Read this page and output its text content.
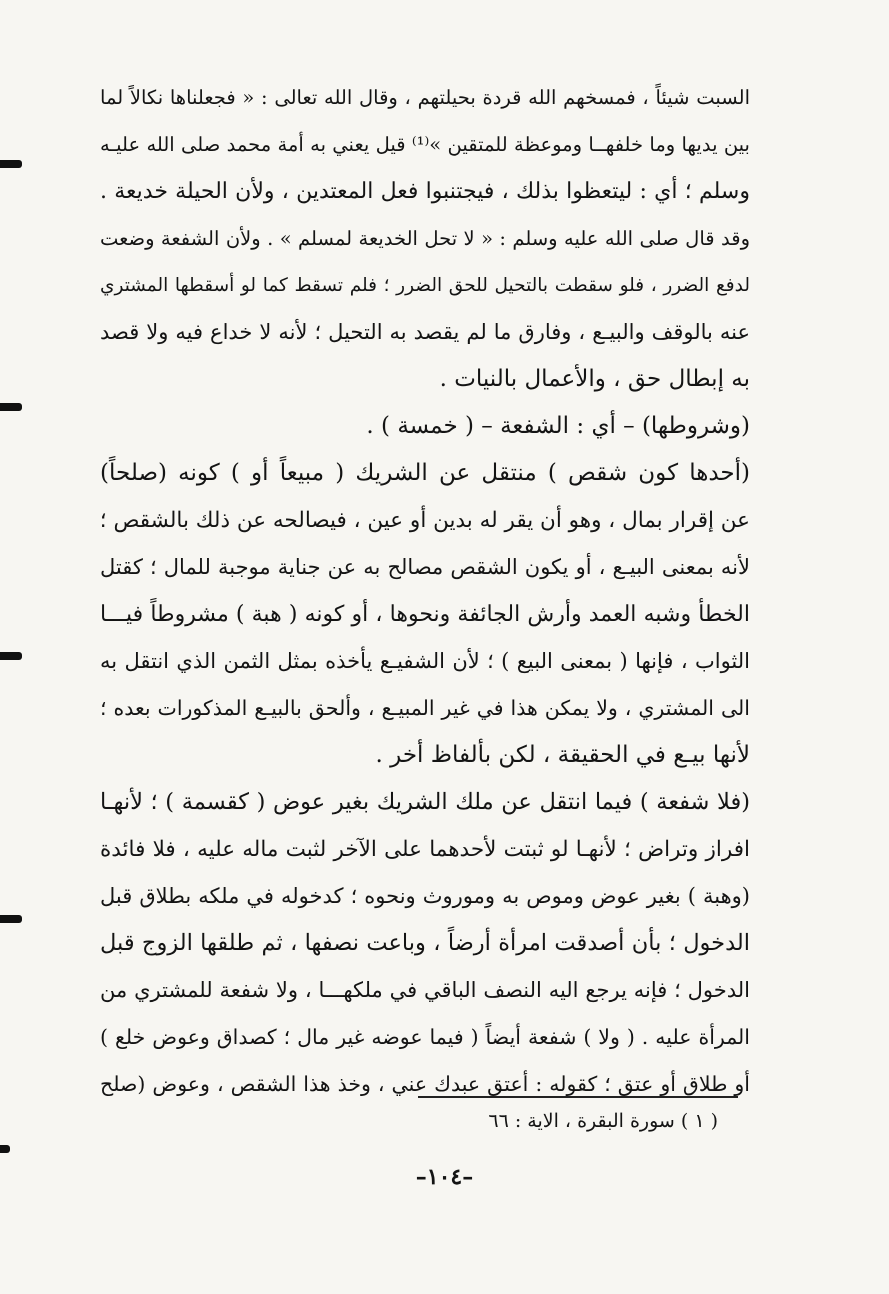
السبت شيئاً ، فمسخهم الله قردة بحيلتهم ، وقال الله تعالى : « فجعلناها نكالاً لما
بين يديها وما خلفهــا وموعظة للمتقين »⁽¹⁾ قيل يعني به أمة محمد صلى الله عليـه
وسلم ؛ أي : ليتعظوا بذلك ، فيجتنبوا فعل المعتدين ، ولأن الحيلة خديعة .
وقد قال صلى الله عليه وسلم : « لا تحل الخديعة لمسلم » . ولأن الشفعة وضعت
لدفع الضرر ، فلو سقطت بالتحيل للحق الضرر ؛ فلم تسقط كما لو أسقطها المشتري
عنه بالوقف والبيـع ، وفارق ما لم يقصد به التحيل ؛ لأنه لا خداع فيه ولا قصد
به إبطال حق ، والأعمال بالنيات .
(وشروطها) – أي : الشفعة – ( خمسة ) .
(أحدها كون شقص ) منتقل عن الشريك ( مبيعاً أو ) كونه (صلحاً)
عن إقرار بمال ، وهو أن يقر له بدين أو عين ، فيصالحه عن ذلك بالشقص ؛
لأنه بمعنى البيـع ، أو يكون الشقص مصالح به عن جناية موجبة للمال ؛ كقتل
الخطأ وشبه العمد وأرش الجائفة ونحوها ، أو كونه ( هبة ) مشروطاً فيـــا
الثواب ، فإنها ( بمعنى البيع ) ؛ لأن الشفيـع يأخذه بمثل الثمن الذي انتقل به
الى المشتري ، ولا يمكن هذا في غير المبيـع ، وألحق بالبيـع المذكورات بعده ؛
لأنها بيـع في الحقيقة ، لكن بألفاظ أخر .
(فلا شفعة ) فيما انتقل عن ملك الشريك بغير عوض ( كقسمة ) ؛ لأنهـا
افراز وتراض ؛ لأنهـا لو ثبتت لأحدهما على الآخر لثبت ماله عليه ، فلا فائدة
(وهبة ) بغير عوض وموص به وموروث ونحوه ؛ كدخوله في ملكه بطلاق قبل
الدخول ؛ بأن أصدقت امرأة أرضاً ، وباعت نصفها ، ثم طلقها الزوج قبل
الدخول ؛ فإنه يرجع اليه النصف الباقي في ملكهـــا ، ولا شفعة للمشتري من
المرأة عليه . ( ولا ) شفعة أيضاً ( فيما عوضه غير مال ؛ كصداق وعوض خلع )
أو طلاق أو عتق ؛ كقوله : أعتق عبدك عني ، وخذ هذا الشقص ، وعوض (صلح
( ١ ) سورة البقرة ، الاية : ٦٦
–١٠٤–
